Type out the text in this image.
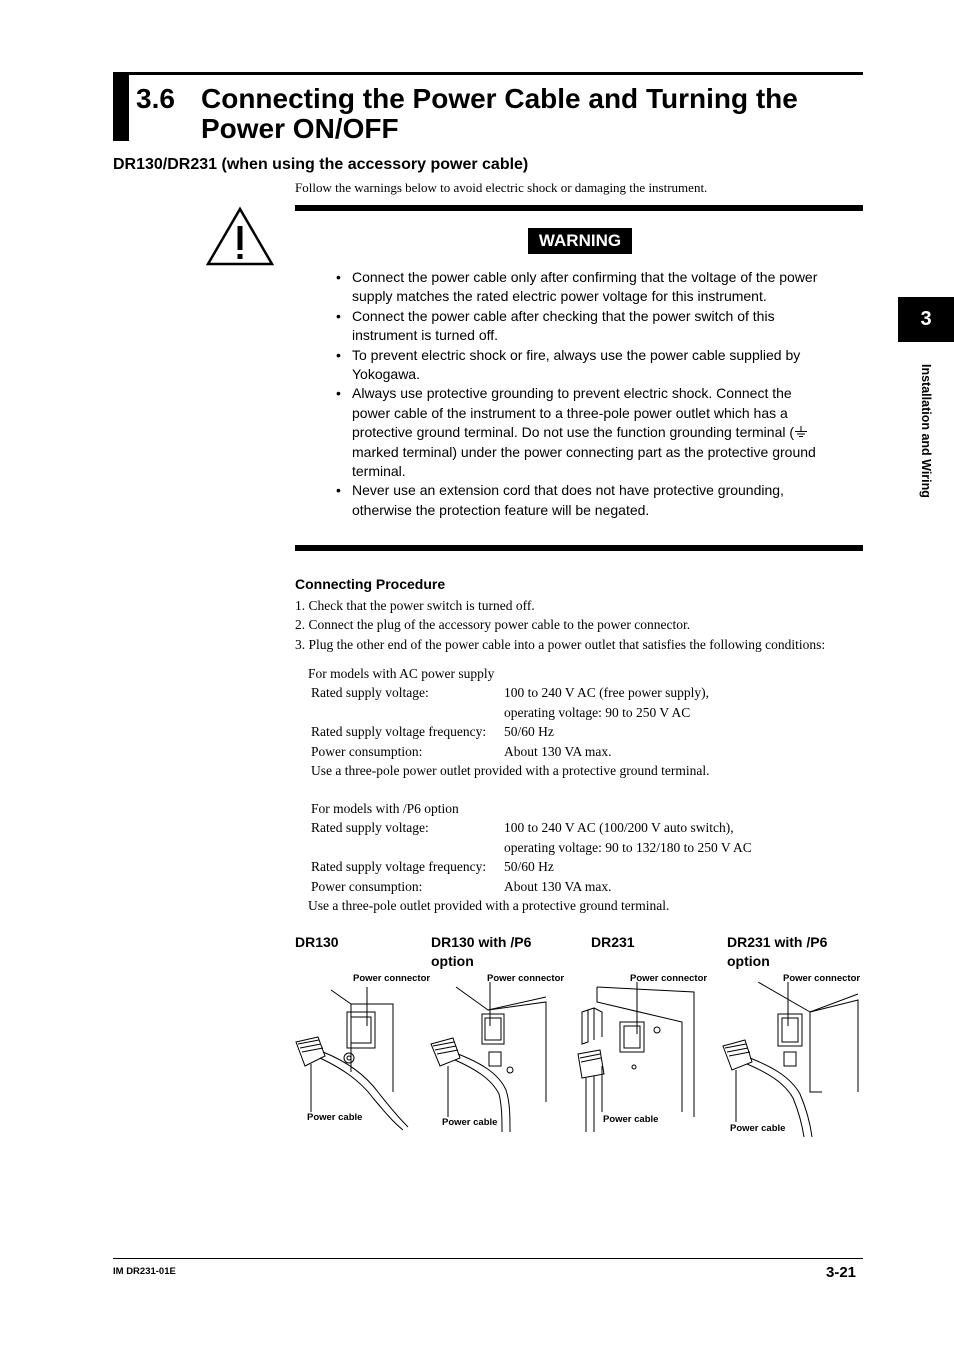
3.6 Connecting the Power Cable and Turning the Power ON/OFF
DR130/DR231 (when using the accessory power cable)
Follow the warnings below to avoid electric shock or damaging the instrument.
WARNING
• Connect the power cable only after confirming that the voltage of the power supply matches the rated electric power voltage for this instrument.
• Connect the power cable after checking that the power switch of this instrument is turned off.
• To prevent electric shock or fire, always use the power cable supplied by Yokogawa.
• Always use protective grounding to prevent electric shock. Connect the power cable of the instrument to a three-pole power outlet which has a protective ground terminal. Do not use the function grounding terminal ( marked terminal) under the power connecting part as the protective ground terminal.
• Never use an extension cord that does not have protective grounding, otherwise the protection feature will be negated.
Connecting Procedure
1. Check that the power switch is turned off.
2. Connect the plug of the accessory power cable to the power connector.
3. Plug the other end of the power cable into a power outlet that satisfies the following conditions:
For models with AC power supply
Rated supply voltage:	100 to 240 V AC (free power supply),
operating voltage: 90 to 250 V AC
Rated supply voltage frequency: 50/60 Hz
Power consumption:	About 130 VA max.
Use a three-pole power outlet provided with a protective ground terminal.
For models with /P6 option
Rated supply voltage:	100 to 240 V AC (100/200 V auto switch),
operating voltage: 90 to 132/180 to 250 V AC
Rated supply voltage frequency: 50/60 Hz
Power consumption:	About 130 VA max.
Use a three-pole outlet provided with a protective ground terminal.
DR130
Power connector
Power cable
DR130 with /P6 option
Power connector
Power cable
DR231
Power connector
Power cable
DR231 with /P6 option
Power connector
Power cable
3
Installation and Wiring
IM DR231-01E	3-21
